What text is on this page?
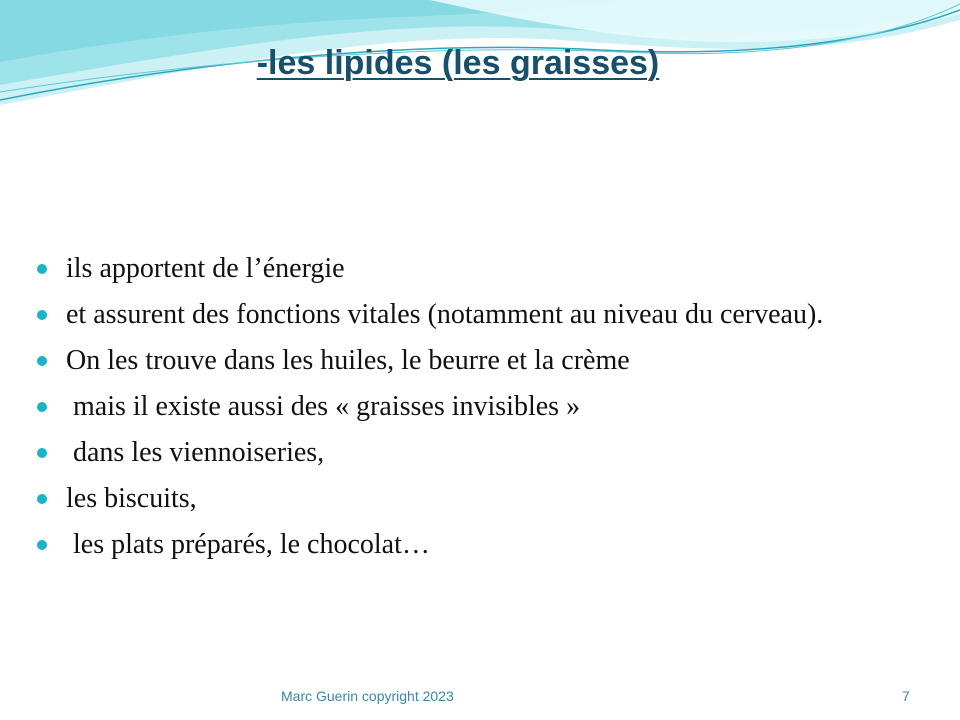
-les lipides (les graisses)
ils apportent de l’énergie
et assurent des fonctions vitales (notamment au niveau du cerveau).
On les trouve dans les huiles, le beurre et la crème
mais il existe aussi des « graisses invisibles »
dans les viennoiseries,
les biscuits,
les plats préparés, le chocolat…
Marc Guerin copyright 2023	7
